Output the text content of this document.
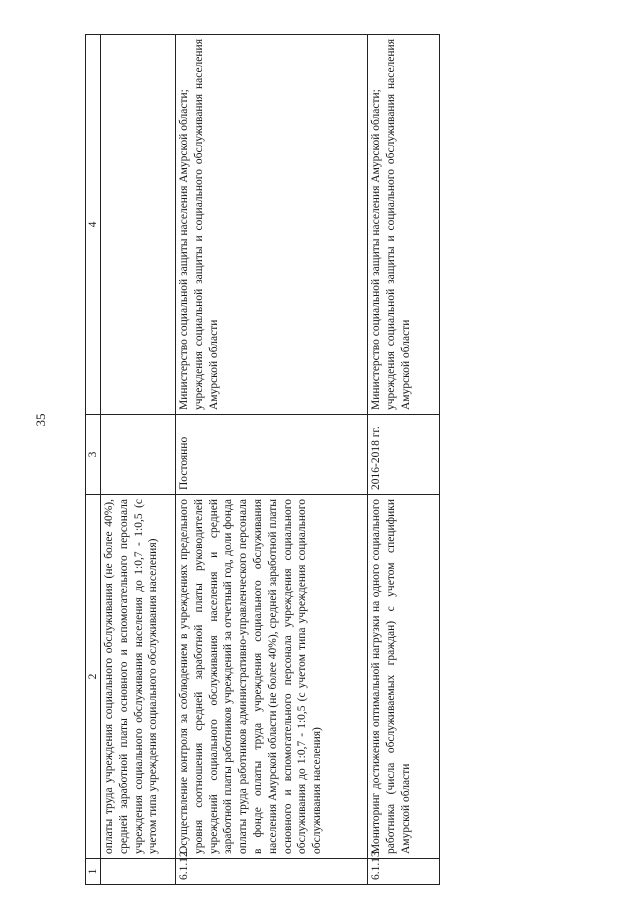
35
1	2	3	4
	оплаты труда учреждения социального обслуживания (не более 40%), средней заработной платы основного и вспомогательного персонала учреждения социального обслуживания населения до 1:0,7 - 1:0,5 (с учетом типа учреждения социального обслуживания населения)		
6.1.12.	Осуществление контроля за соблюдением в учреждениях предельного уровня соотношения средней заработной платы руководителей учреждений социального обслуживания населения и средней заработной платы работников учреждений за отчетный год, доли фонда оплаты труда работников административно-управленческого персонала в фонде оплаты труда учреждения социального обслуживания населения Амурской области (не более 40%), средней заработной платы основного и вспомогательного персонала учреждения социального обслуживания до 1:0,7 - 1:0,5 (с учетом типа учреждения социального обслуживания населения)	Постоянно	Министерство социальной защиты населения Амурской области; учреждения социальной защиты и социального обслуживания населения Амурской области

6.1.13.	Мониторинг достижения оптимальной нагрузки на одного социального работника (числа обслуживаемых граждан) с учетом специфики Амурской области	2016-2018 гг.	Министерство социальной защиты населения Амурской области; учреждения социальной защиты и социального обслуживания населения Амурской области
